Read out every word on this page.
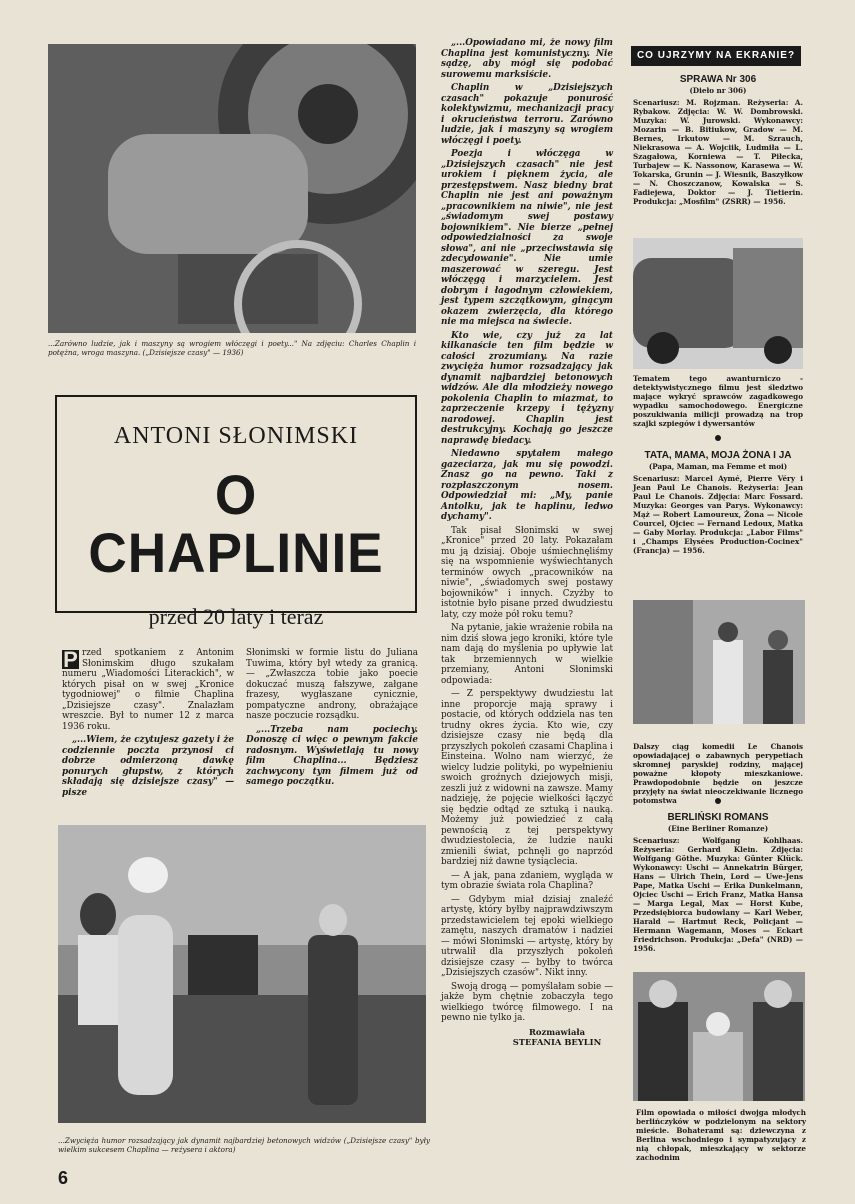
...Zarówno ludzie, jak i maszyny są wrogiem włóczęgi i poety..." Na zdjęciu: Charles Chaplin i potężna, wroga maszyna. („Dzisiejsze czasy" — 1936)
ANTONI SŁONIMSKI
O CHAPLINIE
przed 20 laty i teraz

P rzed spotkaniem z Antonim Słonimskim długo szukałam numeru „Wiadomości Literackich", w których pisał on w swej „Kronice tygodniowej" o filmie Chaplina „Dzisiejsze czasy". Znalazłam wreszcie. Był to numer 12 z marca 1936 roku.

„...Wiem, że czytujesz gazety i że codziennie poczta przynosi ci dobrze odmierzoną dawkę ponurych głupstw, z których składają się dzisiejsze czasy" — pisze

Słonimski w formie listu do Juliana Tuwima, który był wtedy za granicą. — „Zwłaszcza tobie jako poecie dokuczać muszą fałszywe, załgane frazesy, wygłaszane cynicznie, pompatyczne androny, obrażające nasze poczucie rozsądku.

„...Trzeba nam pociechy. Donoszę ci więc o pewnym fakcie radosnym. Wyświetlają tu nowy film Chaplina... Będziesz zachwycony tym filmem już od samego początku.

...Zwycięża humor rozsadzający jak dynamit najbardziej betonowych widzów („Dzisiejsze czasy" były wielkim sukcesem Chaplina — reżysera i aktora)
6

„...Opowiadano mi, że nowy film Chaplina jest komunistyczny. Nie sądzę, aby mógł się podobać surowemu marksiście.

Chaplin w „Dzisiejszych czasach" pokazuje ponurość kolektywizmu, mechanizacji pracy i okrucieństwa terroru. Zarówno ludzie, jak i maszyny są wrogiem włóczęgi i poety.

Poezja i włóczęga w „Dzisiejszych czasach" nie jest urokiem i pięknem życia, ale przestępstwem. Nasz biedny brat Chaplin nie jest ani poważnym „pracownikiem na niwie", nie jest „świadomym swej postawy bojownikiem". Nie bierze „pełnej odpowiedzialności za swoje słowa", ani nie „przeciwstawia się zdecydowanie". Nie umie maszerować w szeregu. Jest włóczęgą i marzycielem. Jest dobrym i łagodnym człowiekiem, jest typem szczątkowym, ginącym okazem zwierzęcia, dla którego nie ma miejsca na świecie.

Kto wie, czy już za lat kilkanaście ten film będzie w całości zrozumiany. Na razie zwycięża humor rozsadzający jak dynamit najbardziej betonowych widzów. Ale dla młodzieży nowego pokolenia Chaplin to miazmat, to zaprzeczenie krzepy i tężyzny narodowej. Chaplin jest destrukcyjny. Kochają go jeszcze naprawdę biedacy.

Niedawno spytałem małego gazeciarza, jak mu się powodzi. Znasz go na pewno. Taki z rozpłaszczonym nosem. Odpowiedział mi: „My, panie Antolku, jak te haplinu, ledwo dychamy".

Tak pisał Słonimski w swej „Kronice" przed 20 laty. Pokazałam mu ją dzisiaj. Oboje uśmiechnęliśmy się na wspomnienie wyświechtanych terminów owych „pracowników na niwie", „świadomych swej postawy bojowników" i innych. Czyżby to istotnie było pisane przed dwudziestu laty, czy może pół roku temu?

Na pytanie, jakie wrażenie robiła na nim dziś słowa jego kroniki, które tyle nam dają do myślenia po upływie lat tak brzemiennych w wielkie przemiany, Antoni Słonimski odpowiada:

— Z perspektywy dwudziestu lat inne proporcje mają sprawy i postacie, od których oddziela nas ten trudny okres życia. Kto wie, czy dzisiejsze czasy nie będą dla przyszłych pokoleń czasami Chaplina i Einsteina. Wolno nam wierzyć, że wielcy ludzie polityki, po wypełnieniu swoich groźnych dziejowych misji, zeszli już z widowni na zawsze. Mamy nadzieję, że pojęcie wielkości łączyć się będzie odtąd ze sztuką i nauką. Możemy już powiedzieć z całą pewnością z tej perspektywy dwudziestolecia, że ludzie nauki zmienili świat, pchnęli go naprzód bardziej niż dawne tysiąclecia.

— A jak, pana zdaniem, wygląda w tym obrazie świata rola Chaplina?

— Gdybym miał dzisiaj znaleźć artystę, który byłby najprawdziwszym przedstawicielem tej epoki wielkiego zamętu, naszych dramatów i nadziei — mówi Słonimski — artystę, który by utrwalił dla przyszłych pokoleń dzisiejsze czasy — byłby to twórca „Dzisiejszych czasów". Nikt inny.

Swoją drogą — pomyślałam sobie — jakże bym chętnie zobaczyła tego wielkiego twórcę filmowego. I na pewno nie tylko ja.

Rozmawiała
STEFANIA BEYLIN
CO UJRZYMY NA EKRANIE?
SPRAWA Nr 306
(Dieło nr 306)
Scenariusz: M. Rojzman. Reżyseria: A. Rybakow. Zdjęcia: W. W. Dombrowski. Muzyka: W. Jurowski. Wykonawcy: Mozarin — B. Bitiukow, Gradow — M. Bernes, Irkutow — M. Szrauch, Niekrasowa — A. Wojciik, Ludmiła — L. Szagałowa, Korniewa — T. Piłecka, Turbajew — K. Nassonow, Karasewa — W. Tokarska, Grunin — J. Wiesnik, Baszyłkow — N. Choszczanow, Kowalska — S. Fadiejewa, Doktor — J. Tietierin. Produkcja: „Mosfilm" (ZSRR) — 1956.
Tematem tego awanturniczo - detektywistycznego filmu jest śledztwo mające wykryć sprawców zagadkowego wypadku samochodowego. Energiczne poszukiwania milicji prowadzą na trop szajki szpiegów i dywersantów
TATA, MAMA, MOJA ŻONA I JA
(Papa, Maman, ma Femme et moi)
Scenariusz: Marcel Aymé, Pierre Véry i Jean Paul Le Chanois. Reżyseria: Jean Paul Le Chanois. Zdjęcia: Marc Fossard. Muzyka: Georges van Parys. Wykonawcy: Mąż — Robert Lamoureux, Żona — Nicole Courcel, Ojciec — Fernand Ledoux, Matka — Gaby Morlay. Produkcja: „Labor Films" i „Champs Elysées Production-Cocinex" (Francja) — 1956.
Dalszy ciąg komedii Le Chanois opowiadającej o zabawnych perypetiach skromnej paryskiej rodziny, mającej poważne kłopoty mieszkaniowe. Prawdopodobnie będzie on jeszcze przyjęty na świat nieoczekiwanie licznego potomstwa
BERLIŃSKI ROMANS
(Eine Berliner Romanze)
Scenariusz: Wolfgang Kohlhaas. Reżyseria: Gerhard Klein. Zdjęcia: Wolfgang Göthe. Muzyka: Günter Klück. Wykonawcy: Uschi — Annekatrin Bürger, Hans — Ulrich Thein, Lord — Uwe-Jens Pape, Matka Uschi — Erika Dunkelmann, Ojciec Uschi — Erich Franz, Matka Hansa — Marga Legal, Max — Horst Kube, Przedsiębiorca budowlany — Karl Weber, Harald — Hartmut Reck, Policjant — Hermann Wagemann, Moses — Eckart Friedrichson. Produkcja: „Defa" (NRD) — 1956.
Film opowiada o miłości dwojga młodych berlińczyków w podzielonym na sektory mieście. Bohaterami są: dziewczyna z Berlina wschodniego i sympatyzujący z nią chłopak, mieszkający w sektorze zachodnim
